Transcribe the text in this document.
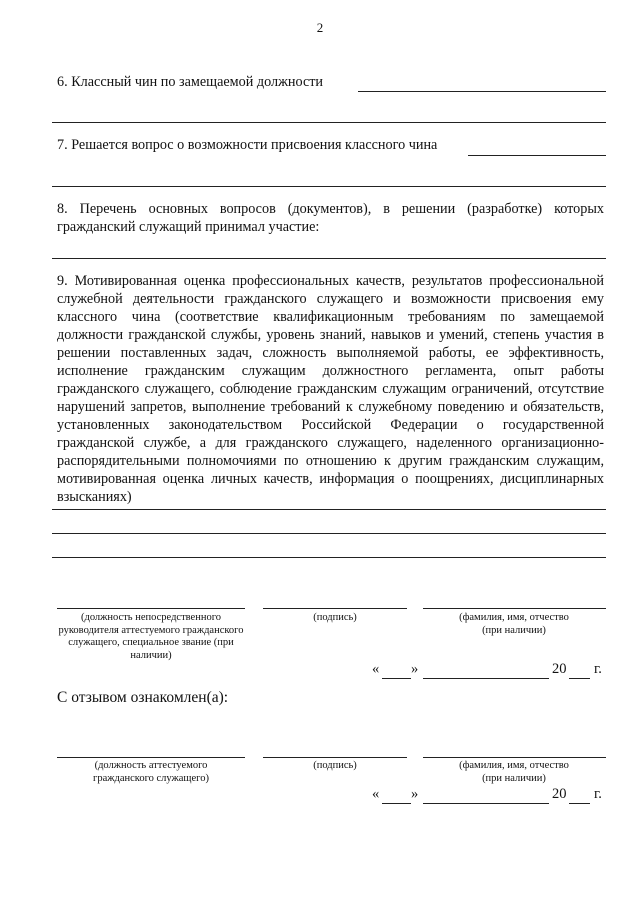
2
6. Классный чин по замещаемой должности
7. Решается вопрос о возможности присвоения классного чина
8. Перечень основных вопросов (документов), в решении (разработке) которых гражданский служащий принимал участие:
9. Мотивированная оценка профессиональных качеств, результатов профессиональной служебной деятельности гражданского служащего и возможности присвоения ему классного чина (соответствие квалификационным требованиям по замещаемой должности гражданской службы, уровень знаний, навыков и умений, степень участия в решении поставленных задач, сложность выполняемой работы, ее эффективность, исполнение гражданским служащим должностного регламента, опыт работы гражданского служащего, соблюдение гражданским служащим ограничений, отсутствие нарушений запретов, выполнение требований к служебному поведению и обязательств, установленных законодательством Российской Федерации о государственной гражданской службе, а для гражданского служащего, наделенного организационно-распорядительными полномочиями по отношению к другим гражданским служащим, мотивированная оценка личных качеств, информация о поощрениях, дисциплинарных взысканиях)
(должность непосредственного руководителя аттестуемого гражданского служащего, специальное звание (при наличии)
(подпись)	(фамилия, имя, отчество (при наличии)
« »	20 г.
С отзывом ознакомлен(а):
(должность аттестуемого гражданского служащего)
(подпись)	(фамилия, имя, отчество (при наличии)
« »	20 г.
